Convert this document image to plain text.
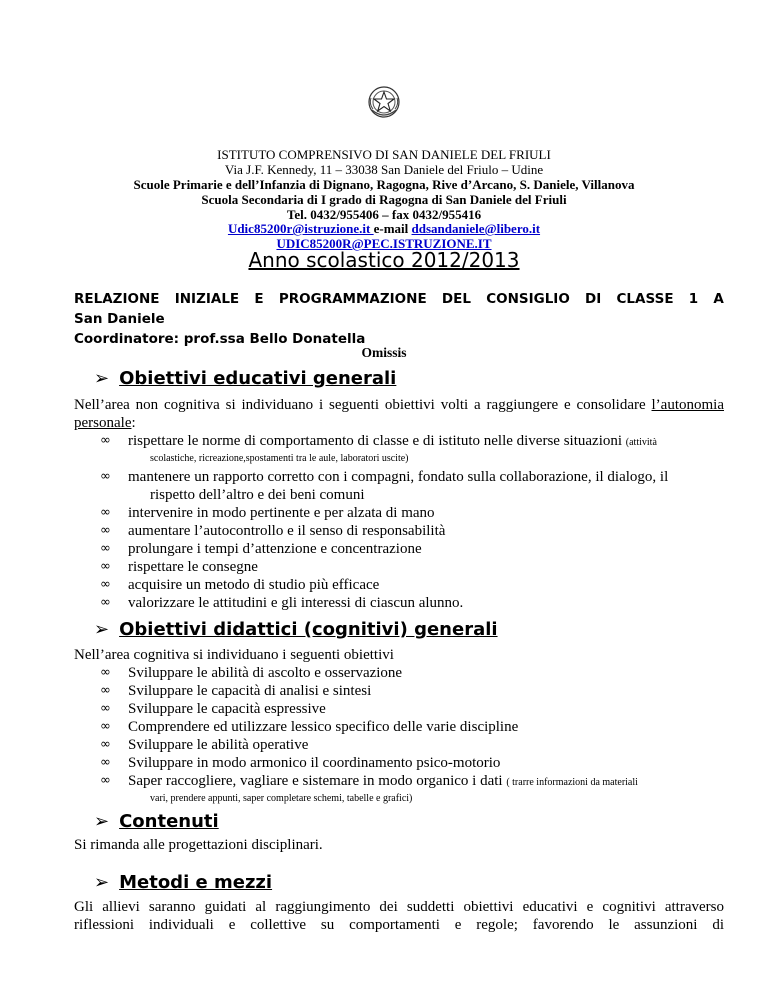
ISTITUTO COMPRENSIVO DI SAN DANIELE DEL FRIULI
Via J.F. Kennedy, 11 – 33038 San Daniele del Friulo – Udine
Scuole Primarie e dell’Infanzia di Dignano, Ragogna, Rive d’Arcano, S. Daniele, Villanova
Scuola Secondaria di I grado di Ragogna di San Daniele del Friuli
Tel. 0432/955406 – fax 0432/955416
Udic85200r@istruzione.it e-mail ddsandaniele@libero.it
UDIC85200R@PEC.ISTRUZIONE.IT
Anno scolastico 2012/2013
RELAZIONE INIZIALE E PROGRAMMAZIONE DEL CONSIGLIO DI CLASSE 1 A
San Daniele
Coordinatore: prof.ssa Bello Donatella
Omissis
➢ Obiettivi educativi generali
Nell’area non cognitiva si individuano i seguenti obiettivi volti a raggiungere e consolidare l’autonomia personale:
∞ rispettare le norme di comportamento di classe e di istituto nelle diverse situazioni (attività
scolastiche, ricreazione,spostamenti tra le aule, laboratori uscite)
∞ mantenere un rapporto corretto con i compagni, fondato sulla collaborazione, il dialogo, il
rispetto dell’altro e dei beni comuni
∞ intervenire in modo pertinente e per alzata di mano
∞ aumentare l’autocontrollo e il senso di responsabilità
∞ prolungare i tempi d’attenzione e concentrazione
∞ rispettare le consegne
∞ acquisire un metodo di studio più efficace
∞ valorizzare le attitudini e gli interessi di ciascun alunno.
➢ Obiettivi didattici (cognitivi) generali
Nell’area cognitiva si individuano i seguenti obiettivi
∞ Sviluppare le abilità di ascolto e osservazione
∞ Sviluppare le capacità di analisi e sintesi
∞ Sviluppare le capacità espressive
∞ Comprendere ed utilizzare lessico specifico delle varie discipline
∞ Sviluppare le abilità operative
∞ Sviluppare in modo armonico il coordinamento psico-motorio
∞ Saper raccogliere, vagliare e sistemare in modo organico i dati ( trarre informazioni da materiali
vari, prendere appunti, saper completare schemi, tabelle e grafici)
➢ Contenuti
Si rimanda alle progettazioni disciplinari.
➢ Metodi e mezzi
Gli allievi saranno guidati al raggiungimento dei suddetti obiettivi educativi e cognitivi attraverso
riflessioni individuali e collettive su comportamenti e regole; favorendo le assunzioni di
